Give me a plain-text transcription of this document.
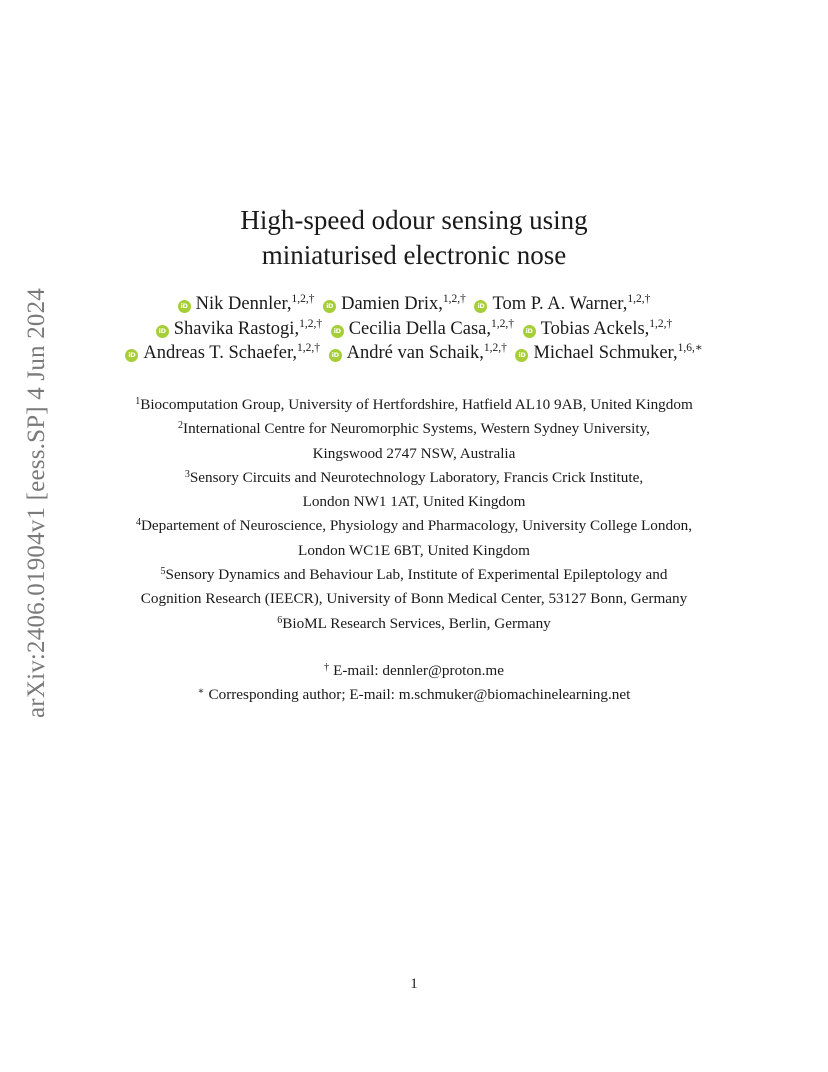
arXiv:2406.01904v1 [eess.SP] 4 Jun 2024
High-speed odour sensing using
miniaturised electronic nose
iD Nik Dennler,$^{1,2,\dagger}$ iD Damien Drix,$^{1,2,\dagger}$ iD Tom P. A. Warner,$^{1,2,\dagger}$
iD Shavika Rastogi,$^{1,2,\dagger}$ iD Cecilia Della Casa,$^{1,2,\dagger}$ iD Tobias Ackels,$^{1,2,\dagger}$
iD Andreas T. Schaefer,$^{1,2,\dagger}$ iD André van Schaik,$^{1,2,\dagger}$ iD Michael Schmuker,$^{1,6,∗}$
$^1$Biocomputation Group, University of Hertfordshire, Hatfield AL10 9AB, United Kingdom
$^2$International Centre for Neuromorphic Systems, Western Sydney University,
Kingswood 2747 NSW, Australia
$^3$Sensory Circuits and Neurotechnology Laboratory, Francis Crick Institute,
London NW1 1AT, United Kingdom
$^4$Departement of Neuroscience, Physiology and Pharmacology, University College London,
London WC1E 6BT, United Kingdom
$^5$Sensory Dynamics and Behaviour Lab, Institute of Experimental Epileptology and
Cognition Research (IEECR), University of Bonn Medical Center, 53127 Bonn, Germany
$^6$BioML Research Services, Berlin, Germany
† E-mail: dennler@proton.me
∗ Corresponding author; E-mail: m.schmuker@biomachinelearning.net
1
